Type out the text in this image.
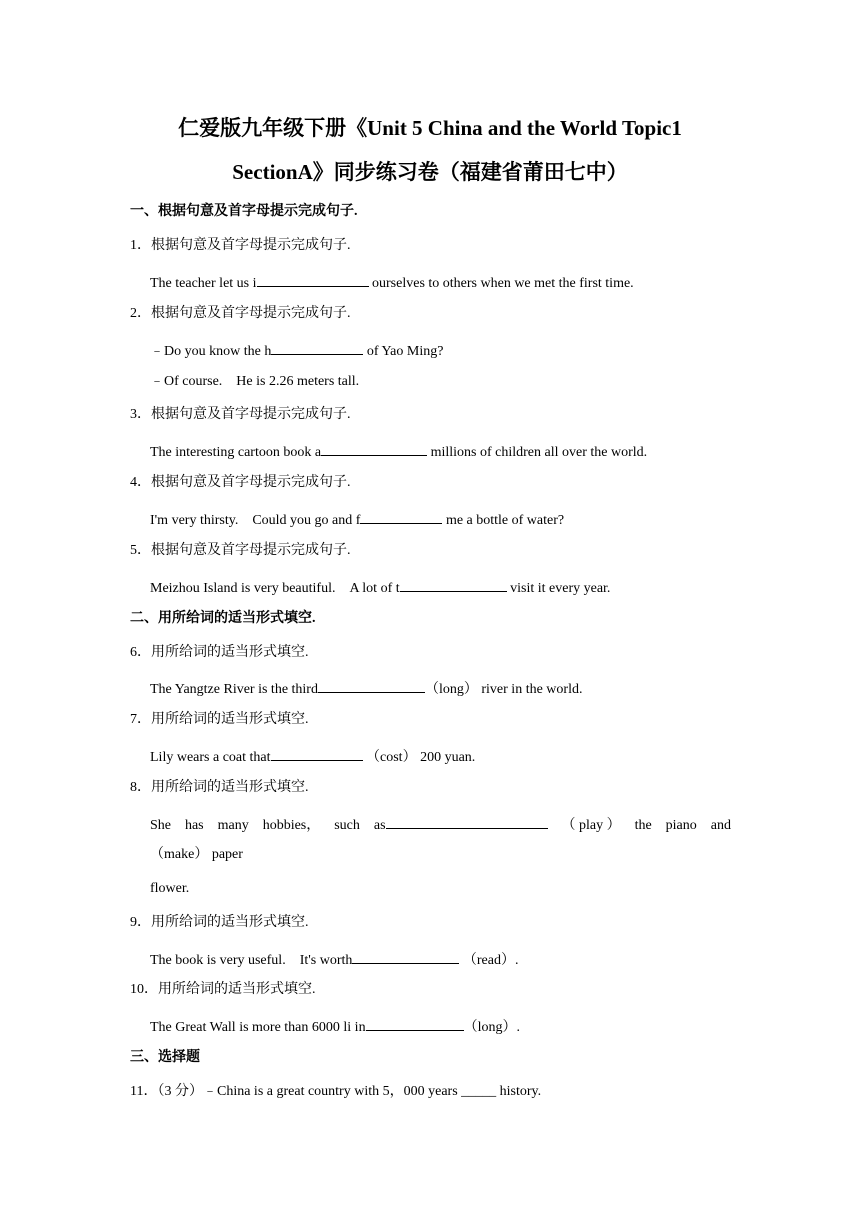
仁爱版九年级下册《Unit 5 China and the World Topic1
SectionA》同步练习卷（福建省莆田七中）
一、根据句意及首字母提示完成句子.
1．根据句意及首字母提示完成句子.
The teacher let us i	ourselves to others when we met the first time.
2．根据句意及首字母提示完成句子.
﹣Do you know the h	of Yao Ming?
﹣Of course.　He is 2.26 meters tall.
3．根据句意及首字母提示完成句子.
The interesting cartoon book a	millions of children all over the world.
4．根据句意及首字母提示完成句子.
I'm very thirsty.　Could you go and f	me a bottle of water?
5．根据句意及首字母提示完成句子.
Meizhou Island is very beautiful.　A lot of t	visit it every year.
二、用所给词的适当形式填空.
6．用所给词的适当形式填空.
The Yangtze River is the third	（long） river in the world.
7．用所给词的适当形式填空.
Lily wears a coat that	（cost） 200 yuan.
8．用所给词的适当形式填空.
She has many hobbies， such as	（ play ） the piano and
（make） paper
flower.
9．用所给词的适当形式填空.
The book is very useful.　It's worth	（read）.
10．用所给词的适当形式填空.
The Great Wall is more than 6000 li in	（long）.
三、选择题
11．（3 分）﹣China is a great country with 5，000 years _____ history.
